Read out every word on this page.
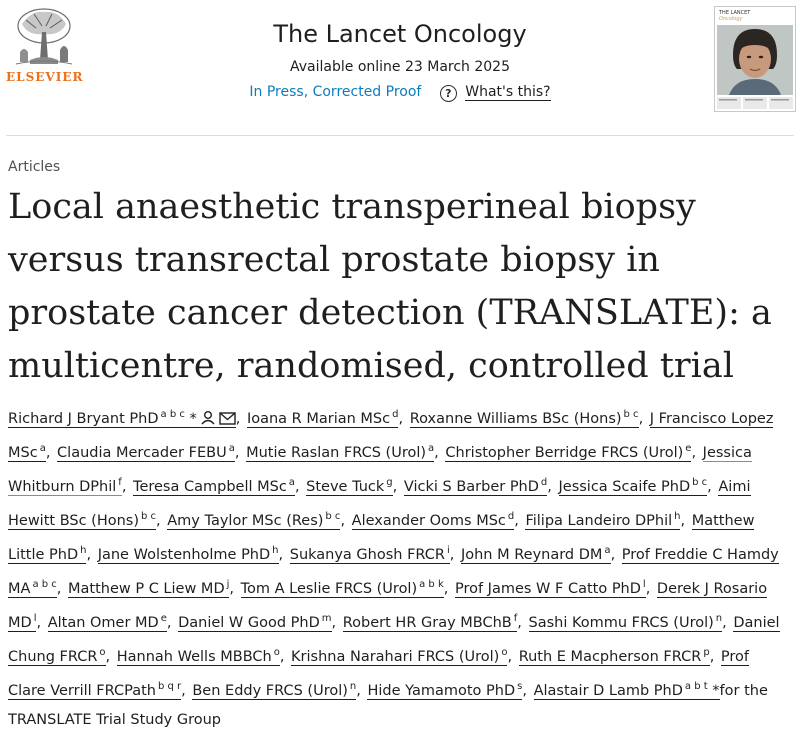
ELSEVIER
The Lancet Oncology
Available online 23 March 2025
In Press, Corrected Proof ? What's this?
THE LANCET
Oncology
Articles
Local anaesthetic transperineal biopsy versus transrectal prostate biopsy in prostate cancer detection (TRANSLATE): a multicentre, randomised, controlled trial
Richard J Bryant PhD $^{a b c}$ *	, Ioana R Marian MSc $^d$, Roxanne Williams BSc (Hons) $^{b c}$, J Francisco Lopez MSc $^a$, Claudia Mercader FEBU $^a$, Mutie Raslan FRCS (Urol) $^a$, Christopher Berridge FRCS (Urol) $^e$, Jessica Whitburn DPhil $^f$, Teresa Campbell MSc $^a$, Steve Tuck $^g$, Vicki S Barber PhD $^d$, Jessica Scaife PhD $^{b c}$, Aimi Hewitt BSc (Hons) $^{b c}$, Amy Taylor MSc (Res) $^{b c}$, Alexander Ooms MSc $^d$, Filipa Landeiro DPhil $^h$, Matthew Little PhD $^h$, Jane Wolstenholme PhD $^h$, Sukanya Ghosh FRCR $^i$, John M Reynard DM $^a$, Prof Freddie C Hamdy MA $^{a b c}$, Matthew P C Liew MD $^j$, Tom A Leslie FRCS (Urol) $^{a b k}$, Prof James W F Catto PhD $^l$, Derek J Rosario MD $^l$, Altan Omer MD $^e$, Daniel W Good PhD $^m$, Robert HR Gray MBChB $^f$, Sashi Kommu FRCS (Urol) $^n$, Daniel Chung FRCR $^o$, Hannah Wells MBBCh $^o$, Krishna Narahari FRCS (Urol) $^o$, Ruth E Macpherson FRCR $^p$, Prof Clare Verrill FRCPath $^{b q r}$, Ben Eddy FRCS (Urol) $^n$, Hide Yamamoto PhD $^s$, Alastair D Lamb PhD $^{a b t}$ *for the TRANSLATE Trial Study Group
